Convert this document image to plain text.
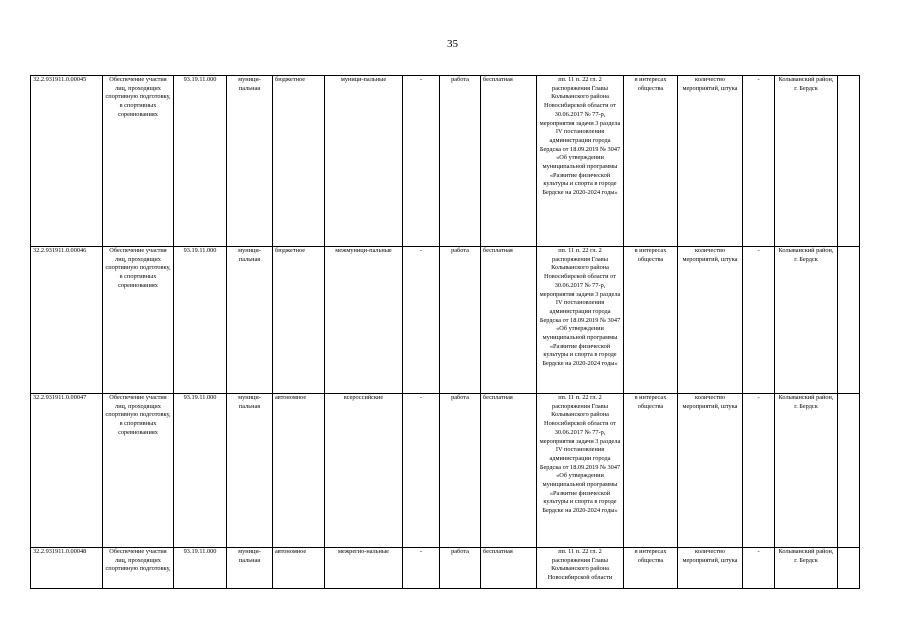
35
32.2.931911.0.00045	Обеспечение участия лиц, проходящих спортивную подготовку, в спортивных соревнованиях	93.19.11.000	муници-пальная	бюджетное	муници-пальные	-	работа	бесплатная	пп. 11 п. 22 гл. 2 распоряжения Главы Колыванского района Новосибирской области от 30.06.2017 № 77-р, мероприятия задачи 3 раздела IV постановления администрации города Бердска от 18.09.2019 № 3047 «Об утверждении муниципальной программы «Развитие физической культуры и спорта в городе Бердске на 2020-2024 годы»	в интересах общества	количество мероприятий, штука	-	Колыванский район, г. Бердск	
32.2.931911.0.00046	Обеспечение участия лиц, проходящих спортивную подготовку, в спортивных соревнованиях	93.19.11.000	муници-пальная	бюджетное	межмуници-пальные	-	работа	бесплатная	пп. 11 п. 22 гл. 2 распоряжения Главы Колыванского района Новосибирской области от 30.06.2017 № 77-р, мероприятия задачи 3 раздела IV постановления администрации города Бердска от 18.09.2019 № 3047 «Об утверждении муниципальной программы «Развитие физической культуры и спорта в городе Бердске на 2020-2024 годы»	в интересах общества	количество мероприятий, штука	-	Колыванский район, г. Бердск	
32.2.931911.0.00047	Обеспечение участия лиц, проходящих спортивную подготовку, в спортивных соревнованиях	93.19.11.000	муници-пальная	автономное	всероссийские	-	работа	бесплатная	пп. 11 п. 22 гл. 2 распоряжения Главы Колыванского района Новосибирской области от 30.06.2017 № 77-р, мероприятия задачи 3 раздела IV постановления администрации города Бердска от 18.09.2019 № 3047 «Об утверждении муниципальной программы «Развитие физической культуры и спорта в городе Бердске на 2020-2024 годы»	в интересах общества	количество мероприятий, штука	-	Колыванский район, г. Бердск	
32.2.931911.0.00048	Обеспечение участия лиц, проходящих спортивную подготовку,	93.19.11.000	муници-пальная	автономное	межрегио-нальные	-	работа	бесплатная	пп. 11 п. 22 гл. 2 распоряжения Главы Колыванского района Новосибирской области	в интересах общества	количество мероприятий, штука	-	Колыванский район, г. Бердск	
